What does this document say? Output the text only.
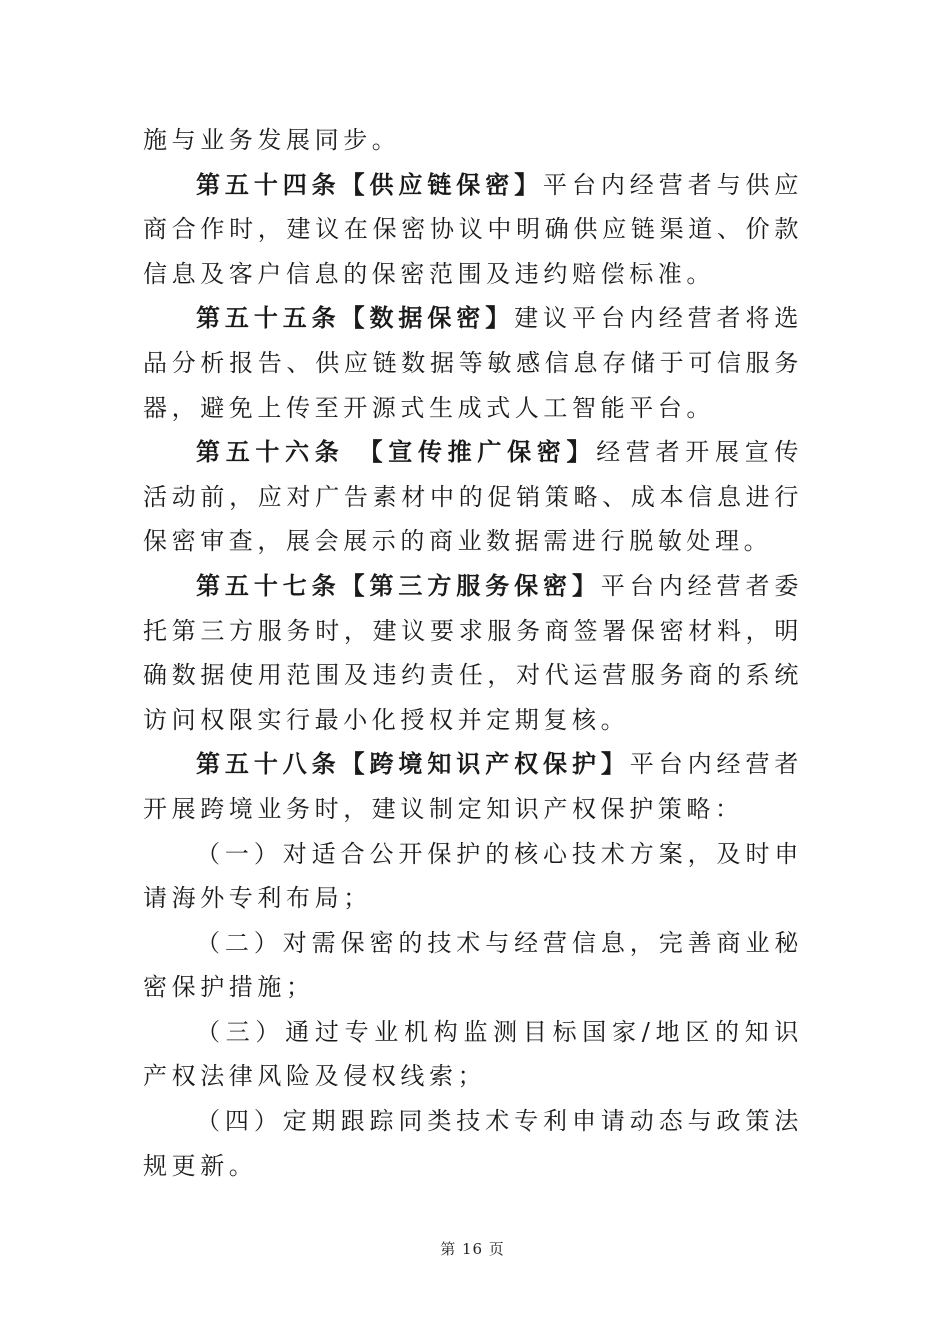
施与业务发展同步。

第五十四条【供应链保密】平台内经营者与供应商合作时，建议在保密协议中明确供应链渠道、价款信息及客户信息的保密范围及违约赔偿标准。

第五十五条【数据保密】建议平台内经营者将选品分析报告、供应链数据等敏感信息存储于可信服务器，避免上传至开源式生成式人工智能平台。

第五十六条 【宣传推广保密】经营者开展宣传活动前，应对广告素材中的促销策略、成本信息进行保密审查，展会展示的商业数据需进行脱敏处理。

第五十七条【第三方服务保密】平台内经营者委托第三方服务时，建议要求服务商签署保密材料，明确数据使用范围及违约责任，对代运营服务商的系统访问权限实行最小化授权并定期复核。

第五十八条【跨境知识产权保护】平台内经营者开展跨境业务时，建议制定知识产权保护策略：

（一）对适合公开保护的核心技术方案，及时申请海外专利布局；

（二）对需保密的技术与经营信息，完善商业秘密保护措施；

（三）通过专业机构监测目标国家/地区的知识产权法律风险及侵权线索；

（四）定期跟踪同类技术专利申请动态与政策法规更新。

第 16 页
